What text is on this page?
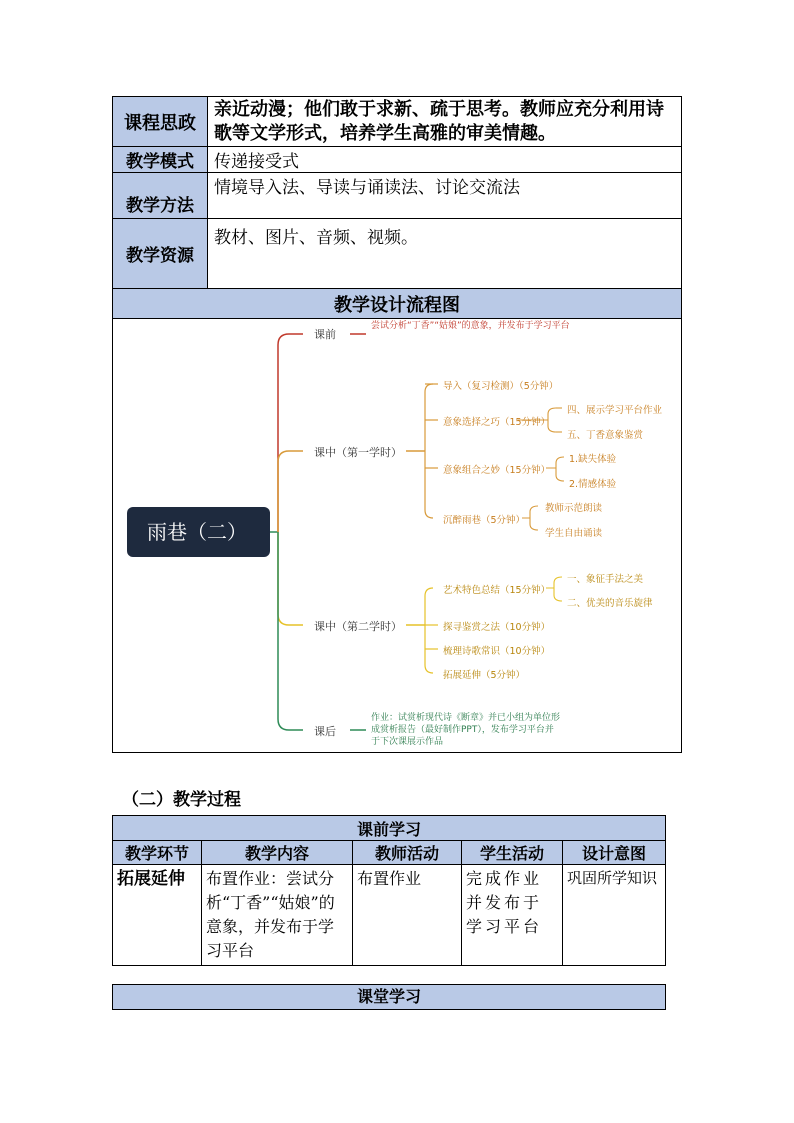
课程思政	亲近动漫；他们敢于求新、疏于思考。教师应充分利用诗歌等文学形式，培养学生高雅的审美情趣。
教学模式	传递接受式
教学方法	情境导入法、导读与诵读法、讨论交流法
教学资源	教材、图片、音频、视频。
教学设计流程图	

雨巷（二）
课前
尝试分析“丁香”“姑娘”的意象，并发布于学习平台
课中（第一学时）
导入（复习检测）（5分钟）
意象选择之巧（15分钟）
四、展示学习平台作业
五、丁香意象鉴赏
意象组合之妙（15分钟）
1.缺失体验
2.情感体验
沉醉雨巷（5分钟）
教师示范朗读
学生自由诵读
课中（第二学时）
艺术特色总结（15分钟）
一、象征手法之美
二、优美的音乐旋律
探寻鉴赏之法（10分钟）
梳理诗歌常识（10分钟）
拓展延伸（5分钟）
课后
作业：试赏析现代诗《断章》并已小组为单位形
成赏析报告（最好制作PPT），发布学习平台并
于下次课展示作品
（二）教学过程
课前学习				
教学环节	教学内容	教师活动	学生活动	设计意图
拓展延伸	布置作业：尝试分析“丁香”“姑娘”的意象，并发布于学习平台	布置作业	完成作业并发布于学习平台	巩固所学知识
课堂学习
